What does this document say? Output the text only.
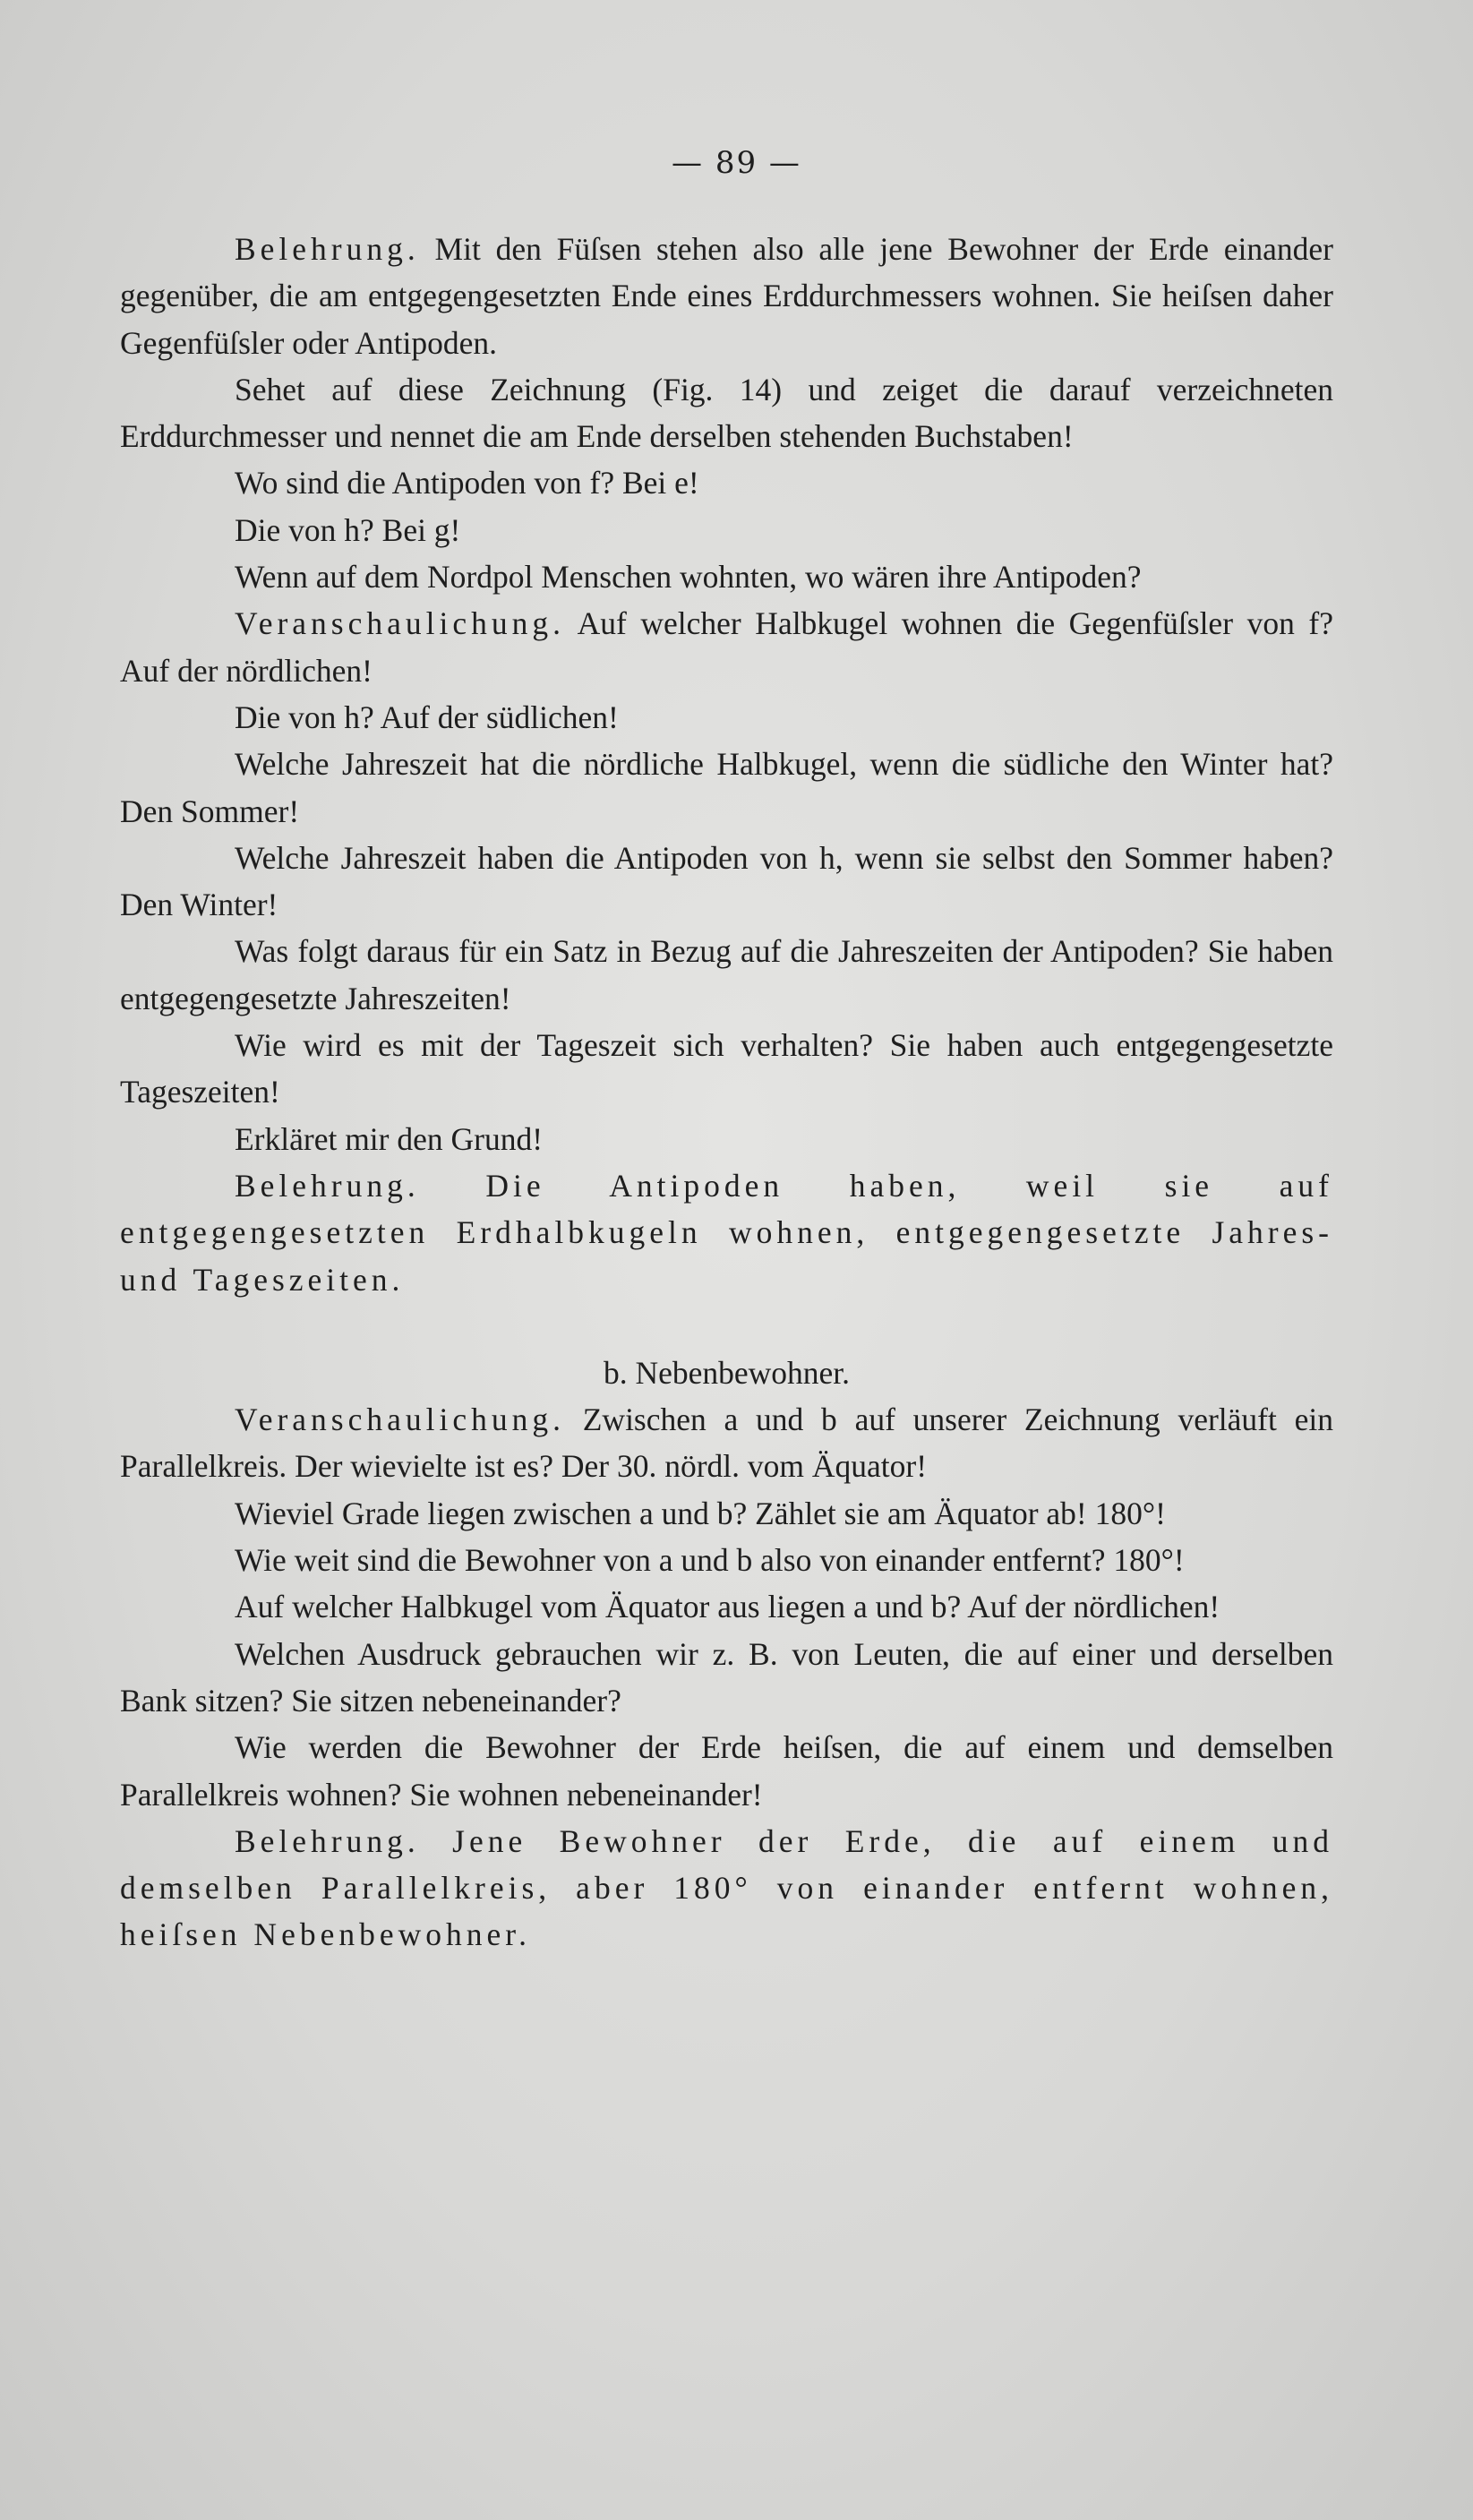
— 89 —

Belehrung. Mit den Füſsen stehen also alle jene Bewohner der Erde einander gegenüber, die am entgegengesetzten Ende eines Erddurchmessers wohnen. Sie heiſsen daher Gegenfüſsler oder Antipoden.

Sehet auf diese Zeichnung (Fig. 14) und zeiget die darauf verzeichneten Erddurchmesser und nennet die am Ende derselben stehenden Buchstaben!

Wo sind die Antipoden von f? Bei e!

Die von h? Bei g!

Wenn auf dem Nordpol Menschen wohnten, wo wären ihre Antipoden?

Veranschaulichung. Auf welcher Halbkugel wohnen die Gegenfüſsler von f? Auf der nördlichen!

Die von h? Auf der südlichen!

Welche Jahreszeit hat die nördliche Halbkugel, wenn die südliche den Winter hat? Den Sommer!

Welche Jahreszeit haben die Antipoden von h, wenn sie selbst den Sommer haben? Den Winter!

Was folgt daraus für ein Satz in Bezug auf die Jahreszeiten der Antipoden? Sie haben entgegengesetzte Jahreszeiten!

Wie wird es mit der Tageszeit sich verhalten? Sie haben auch entgegengesetzte Tageszeiten!

Erkläret mir den Grund!

Belehrung. Die Antipoden haben, weil sie auf entgegengesetzten Erdhalbkugeln wohnen, entgegengesetzte Jahres- und Tageszeiten.

b. Nebenbewohner.

Veranschaulichung. Zwischen a und b auf unserer Zeichnung verläuft ein Parallelkreis. Der wievielte ist es? Der 30. nördl. vom Äquator!

Wieviel Grade liegen zwischen a und b? Zählet sie am Äquator ab! 180°!

Wie weit sind die Bewohner von a und b also von einander entfernt? 180°!

Auf welcher Halbkugel vom Äquator aus liegen a und b? Auf der nördlichen!

Welchen Ausdruck gebrauchen wir z. B. von Leuten, die auf einer und derselben Bank sitzen? Sie sitzen nebeneinander?

Wie werden die Bewohner der Erde heiſsen, die auf einem und demselben Parallelkreis wohnen? Sie wohnen nebeneinander!

Belehrung. Jene Bewohner der Erde, die auf einem und demselben Parallelkreis, aber 180° von einander entfernt wohnen, heiſsen Nebenbewohner.
